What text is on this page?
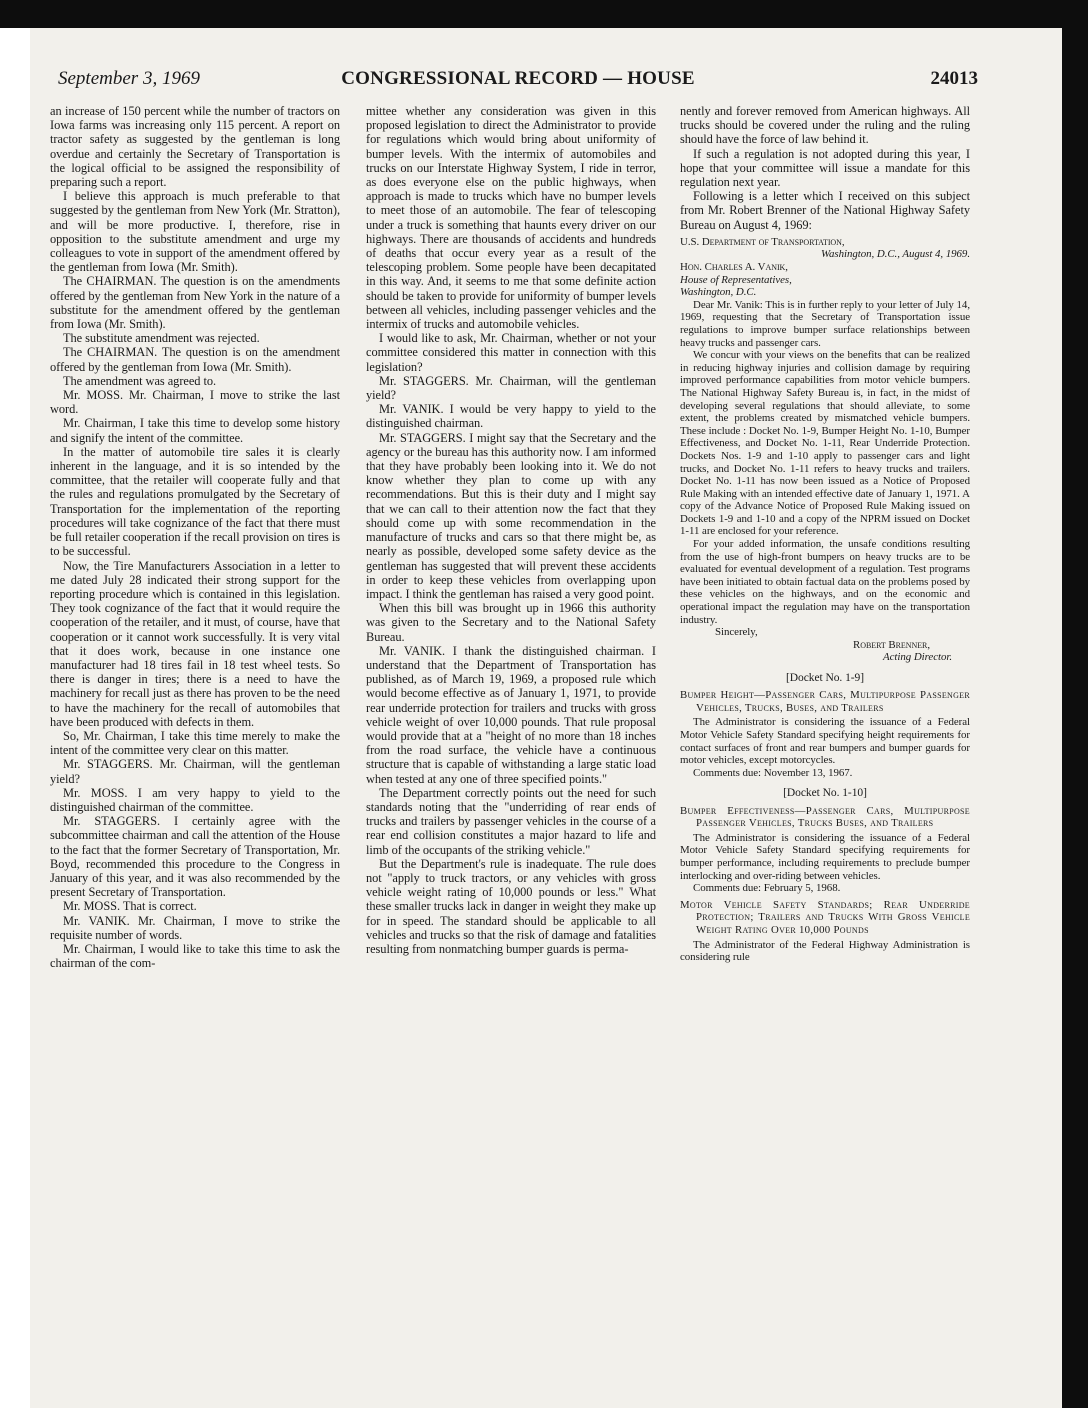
September 3, 1969	CONGRESSIONAL RECORD — HOUSE	24013

an increase of 150 percent while the number of tractors on Iowa farms was increasing only 115 percent. A report on tractor safety as suggested by the gentleman is long overdue and certainly the Secretary of Transportation is the logical official to be assigned the responsibility of preparing such a report.

I believe this approach is much preferable to that suggested by the gentleman from New York (Mr. Stratton), and will be more productive. I, therefore, rise in opposition to the substitute amendment and urge my colleagues to vote in support of the amendment offered by the gentleman from Iowa (Mr. Smith).

The CHAIRMAN. The question is on the amendments offered by the gentleman from New York in the nature of a substitute for the amendment offered by the gentleman from Iowa (Mr. Smith).

The substitute amendment was rejected.

The CHAIRMAN. The question is on the amendment offered by the gentleman from Iowa (Mr. Smith).

The amendment was agreed to.

Mr. MOSS. Mr. Chairman, I move to strike the last word.

Mr. Chairman, I take this time to develop some history and signify the intent of the committee.

In the matter of automobile tire sales it is clearly inherent in the language, and it is so intended by the committee, that the retailer will cooperate fully and that the rules and regulations promulgated by the Secretary of Transportation for the implementation of the reporting procedures will take cognizance of the fact that there must be full retailer cooperation if the recall provision on tires is to be successful.

Now, the Tire Manufacturers Association in a letter to me dated July 28 indicated their strong support for the reporting procedure which is contained in this legislation. They took cognizance of the fact that it would require the cooperation of the retailer, and it must, of course, have that cooperation or it cannot work successfully. It is very vital that it does work, because in one instance one manufacturer had 18 tires fail in 18 test wheel tests. So there is danger in tires; there is a need to have the machinery for recall just as there has proven to be the need to have the machinery for the recall of automobiles that have been produced with defects in them.

So, Mr. Chairman, I take this time merely to make the intent of the committee very clear on this matter.

Mr. STAGGERS. Mr. Chairman, will the gentleman yield?

Mr. MOSS. I am very happy to yield to the distinguished chairman of the committee.

Mr. STAGGERS. I certainly agree with the subcommittee chairman and call the attention of the House to the fact that the former Secretary of Transportation, Mr. Boyd, recommended this procedure to the Congress in January of this year, and it was also recommended by the present Secretary of Transportation.

Mr. MOSS. That is correct.

Mr. VANIK. Mr. Chairman, I move to strike the requisite number of words.

Mr. Chairman, I would like to take this time to ask the chairman of the com-

mittee whether any consideration was given in this proposed legislation to direct the Administrator to provide for regulations which would bring about uniformity of bumper levels. With the intermix of automobiles and trucks on our Interstate Highway System, I ride in terror, as does everyone else on the public highways, when approach is made to trucks which have no bumper levels to meet those of an automobile. The fear of telescoping under a truck is something that haunts every driver on our highways. There are thousands of accidents and hundreds of deaths that occur every year as a result of the telescoping problem. Some people have been decapitated in this way. And, it seems to me that some definite action should be taken to provide for uniformity of bumper levels between all vehicles, including passenger vehicles and the intermix of trucks and automobile vehicles.

I would like to ask, Mr. Chairman, whether or not your committee considered this matter in connection with this legislation?

Mr. STAGGERS. Mr. Chairman, will the gentleman yield?

Mr. VANIK. I would be very happy to yield to the distinguished chairman.

Mr. STAGGERS. I might say that the Secretary and the agency or the bureau has this authority now. I am informed that they have probably been looking into it. We do not know whether they plan to come up with any recommendations. But this is their duty and I might say that we can call to their attention now the fact that they should come up with some recommendation in the manufacture of trucks and cars so that there might be, as nearly as possible, developed some safety device as the gentleman has suggested that will prevent these accidents in order to keep these vehicles from overlapping upon impact. I think the gentleman has raised a very good point.

When this bill was brought up in 1966 this authority was given to the Secretary and to the National Safety Bureau.

Mr. VANIK. I thank the distinguished chairman. I understand that the Department of Transportation has published, as of March 19, 1969, a proposed rule which would become effective as of January 1, 1971, to provide rear underride protection for trailers and trucks with gross vehicle weight of over 10,000 pounds. That rule proposal would provide that at a "height of no more than 18 inches from the road surface, the vehicle have a continuous structure that is capable of withstanding a large static load when tested at any one of three specified points."

The Department correctly points out the need for such standards noting that the "underriding of rear ends of trucks and trailers by passenger vehicles in the course of a rear end collision constitutes a major hazard to life and limb of the occupants of the striking vehicle."

But the Department's rule is inadequate. The rule does not "apply to truck tractors, or any vehicles with gross vehicle weight rating of 10,000 pounds or less." What these smaller trucks lack in danger in weight they make up for in speed. The standard should be applicable to all vehicles and trucks so that the risk of damage and fatalities resulting from nonmatching bumper guards is perma-

nently and forever removed from American highways. All trucks should be covered under the ruling and the ruling should have the force of law behind it.

If such a regulation is not adopted during this year, I hope that your committee will issue a mandate for this regulation next year.

Following is a letter which I received on this subject from Mr. Robert Brenner of the National Highway Safety Bureau on August 4, 1969:

U.S. Department of Transportation,

Washington, D.C., August 4, 1969.

Hon. Charles A. Vanik,

House of Representatives,

Washington, D.C.

Dear Mr. Vanik: This is in further reply to your letter of July 14, 1969, requesting that the Secretary of Transportation issue regulations to improve bumper surface relationships between heavy trucks and passenger cars.

We concur with your views on the benefits that can be realized in reducing highway injuries and collision damage by requiring improved performance capabilities from motor vehicle bumpers. The National Highway Safety Bureau is, in fact, in the midst of developing several regulations that should alleviate, to some extent, the problems created by mismatched vehicle bumpers. These include : Docket No. 1-9, Bumper Height No. 1-10, Bumper Effectiveness, and Docket No. 1-11, Rear Underride Protection. Dockets Nos. 1-9 and 1-10 apply to passenger cars and light trucks, and Docket No. 1-11 refers to heavy trucks and trailers. Docket No. 1-11 has now been issued as a Notice of Proposed Rule Making with an intended effective date of January 1, 1971. A copy of the Advance Notice of Proposed Rule Making issued on Dockets 1-9 and 1-10 and a copy of the NPRM issued on Docket 1-11 are enclosed for your reference.

For your added information, the unsafe conditions resulting from the use of high-front bumpers on heavy trucks are to be evaluated for eventual development of a regulation. Test programs have been initiated to obtain factual data on the problems posed by these vehicles on the highways, and on the economic and operational impact the regulation may have on the transportation industry.

Sincerely,

Robert Brenner,

Acting Director.

[Docket No. 1-9]

Bumper Height—Passenger Cars, Multipurpose Passenger Vehicles, Trucks, Buses, and Trailers

The Administrator is considering the issuance of a Federal Motor Vehicle Safety Standard specifying height requirements for contact surfaces of front and rear bumpers and bumper guards for motor vehicles, except motorcycles.

Comments due: November 13, 1967.

[Docket No. 1-10]

Bumper Effectiveness—Passenger Cars, Multipurpose Passenger Vehicles, Trucks Buses, and Trailers

The Administrator is considering the issuance of a Federal Motor Vehicle Safety Standard specifying requirements for bumper performance, including requirements to preclude bumper interlocking and over-riding between vehicles.

Comments due: February 5, 1968.

Motor Vehicle Safety Standards; Rear Underride Protection; Trailers and Trucks With Gross Vehicle Weight Rating Over 10,000 Pounds

The Administrator of the Federal Highway Administration is considering rule
